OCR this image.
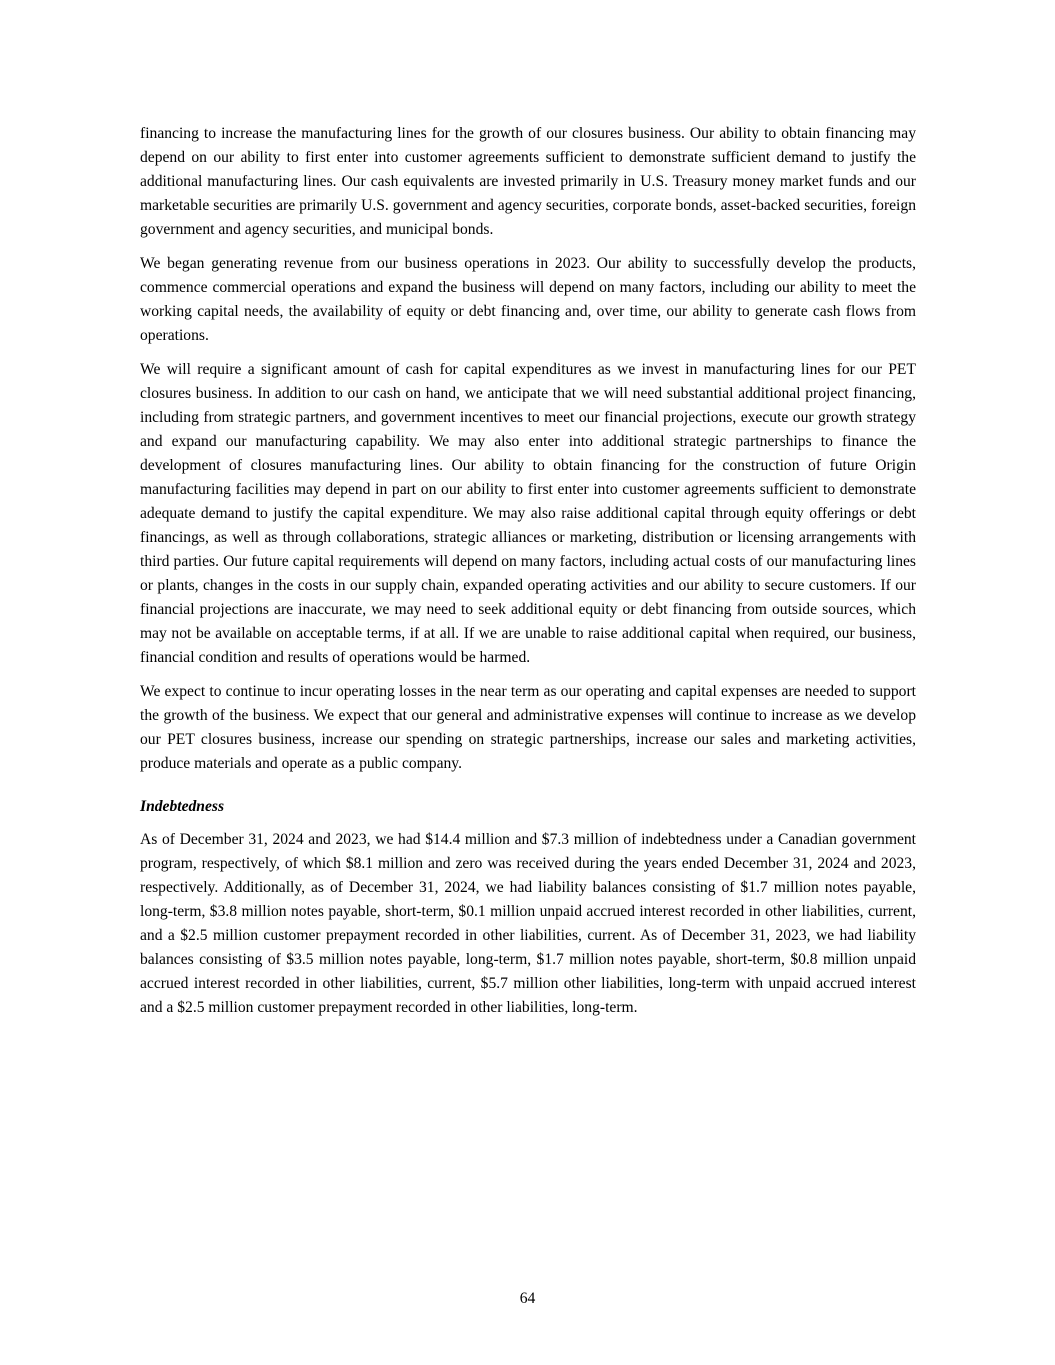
financing to increase the manufacturing lines for the growth of our closures business. Our ability to obtain financing may depend on our ability to first enter into customer agreements sufficient to demonstrate sufficient demand to justify the additional manufacturing lines. Our cash equivalents are invested primarily in U.S. Treasury money market funds and our marketable securities are primarily U.S. government and agency securities, corporate bonds, asset-backed securities, foreign government and agency securities, and municipal bonds.

We began generating revenue from our business operations in 2023. Our ability to successfully develop the products, commence commercial operations and expand the business will depend on many factors, including our ability to meet the working capital needs, the availability of equity or debt financing and, over time, our ability to generate cash flows from operations.

We will require a significant amount of cash for capital expenditures as we invest in manufacturing lines for our PET closures business. In addition to our cash on hand, we anticipate that we will need substantial additional project financing, including from strategic partners, and government incentives to meet our financial projections, execute our growth strategy and expand our manufacturing capability. We may also enter into additional strategic partnerships to finance the development of closures manufacturing lines. Our ability to obtain financing for the construction of future Origin manufacturing facilities may depend in part on our ability to first enter into customer agreements sufficient to demonstrate adequate demand to justify the capital expenditure. We may also raise additional capital through equity offerings or debt financings, as well as through collaborations, strategic alliances or marketing, distribution or licensing arrangements with third parties. Our future capital requirements will depend on many factors, including actual costs of our manufacturing lines or plants, changes in the costs in our supply chain, expanded operating activities and our ability to secure customers. If our financial projections are inaccurate, we may need to seek additional equity or debt financing from outside sources, which may not be available on acceptable terms, if at all. If we are unable to raise additional capital when required, our business, financial condition and results of operations would be harmed.

We expect to continue to incur operating losses in the near term as our operating and capital expenses are needed to support the growth of the business. We expect that our general and administrative expenses will continue to increase as we develop our PET closures business, increase our spending on strategic partnerships, increase our sales and marketing activities, produce materials and operate as a public company.

Indebtedness

As of December 31, 2024 and 2023, we had $14.4 million and $7.3 million of indebtedness under a Canadian government program, respectively, of which $8.1 million and zero was received during the years ended December 31, 2024 and 2023, respectively. Additionally, as of December 31, 2024, we had liability balances consisting of $1.7 million notes payable, long-term, $3.8 million notes payable, short-term, $0.1 million unpaid accrued interest recorded in other liabilities, current, and a $2.5 million customer prepayment recorded in other liabilities, current. As of December 31, 2023, we had liability balances consisting of $3.5 million notes payable, long-term, $1.7 million notes payable, short-term, $0.8 million unpaid accrued interest recorded in other liabilities, current, $5.7 million other liabilities, long-term with unpaid accrued interest and a $2.5 million customer prepayment recorded in other liabilities, long-term.

64
